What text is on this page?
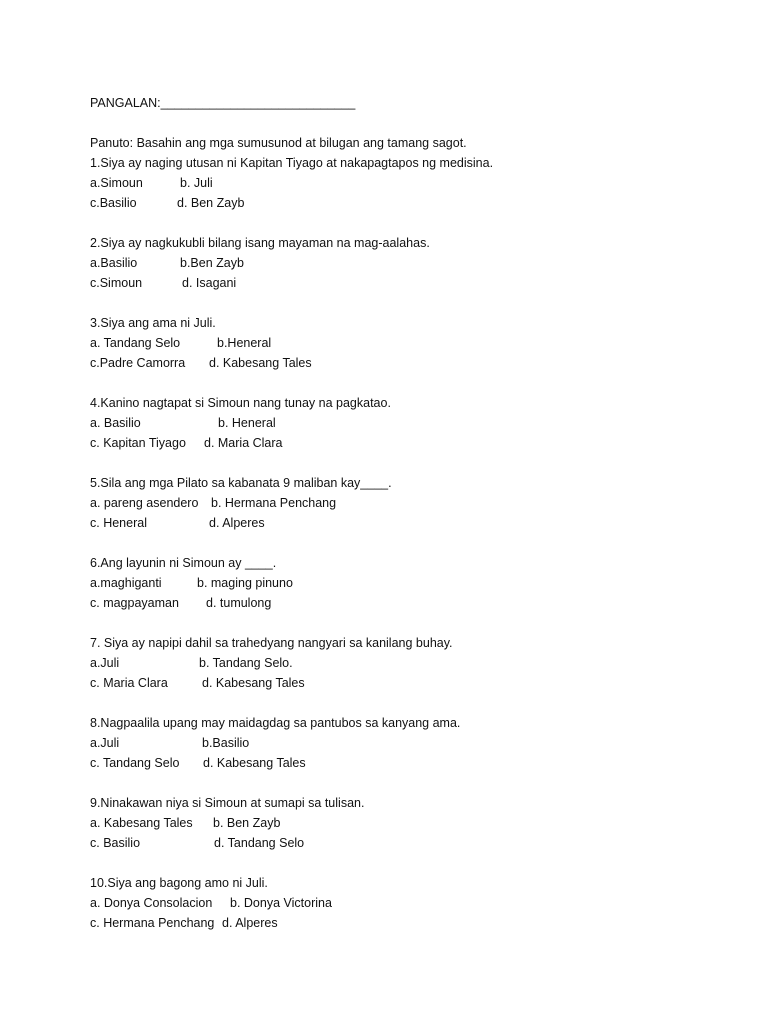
PANGALAN:____________________________
Panuto: Basahin ang mga sumusunod at bilugan ang tamang sagot.
1.Siya ay naging utusan ni Kapitan Tiyago at nakapagtapos ng medisina.
a.Simoun	b. Juli
c.Basilio	d. Ben Zayb
2.Siya ay nagkukubli bilang isang mayaman na mag-aalahas.
a.Basilio	b.Ben Zayb
c.Simoun	d. Isagani
3.Siya ang ama ni Juli.
a. Tandang Selo	b.Heneral
c.Padre Camorra	d. Kabesang Tales
4.Kanino nagtapat si Simoun nang tunay na pagkatao.
a. Basilio	b. Heneral
c. Kapitan Tiyago	d. Maria Clara
5.Sila ang mga Pilato sa kabanata 9 maliban kay____.
a. pareng asendero	b. Hermana Penchang
c. Heneral	d. Alperes
6.Ang layunin ni Simoun ay ____.
a.maghiganti	b. maging pinuno
c. magpayaman	d. tumulong
7. Siya ay napipi dahil sa trahedyang nangyari sa kanilang buhay.
a.Juli	b. Tandang Selo.
c. Maria Clara	d. Kabesang Tales
8.Nagpaalila upang may maidagdag sa pantubos sa kanyang ama.
a.Juli	b.Basilio
c. Tandang Selo	d. Kabesang Tales
9.Ninakawan niya si Simoun at sumapi sa tulisan.
a. Kabesang Tales	b. Ben Zayb
c. Basilio	d. Tandang Selo
10.Siya ang bagong amo ni Juli.
a. Donya Consolacion	b. Donya Victorina
c. Hermana Penchang d. Alperes
